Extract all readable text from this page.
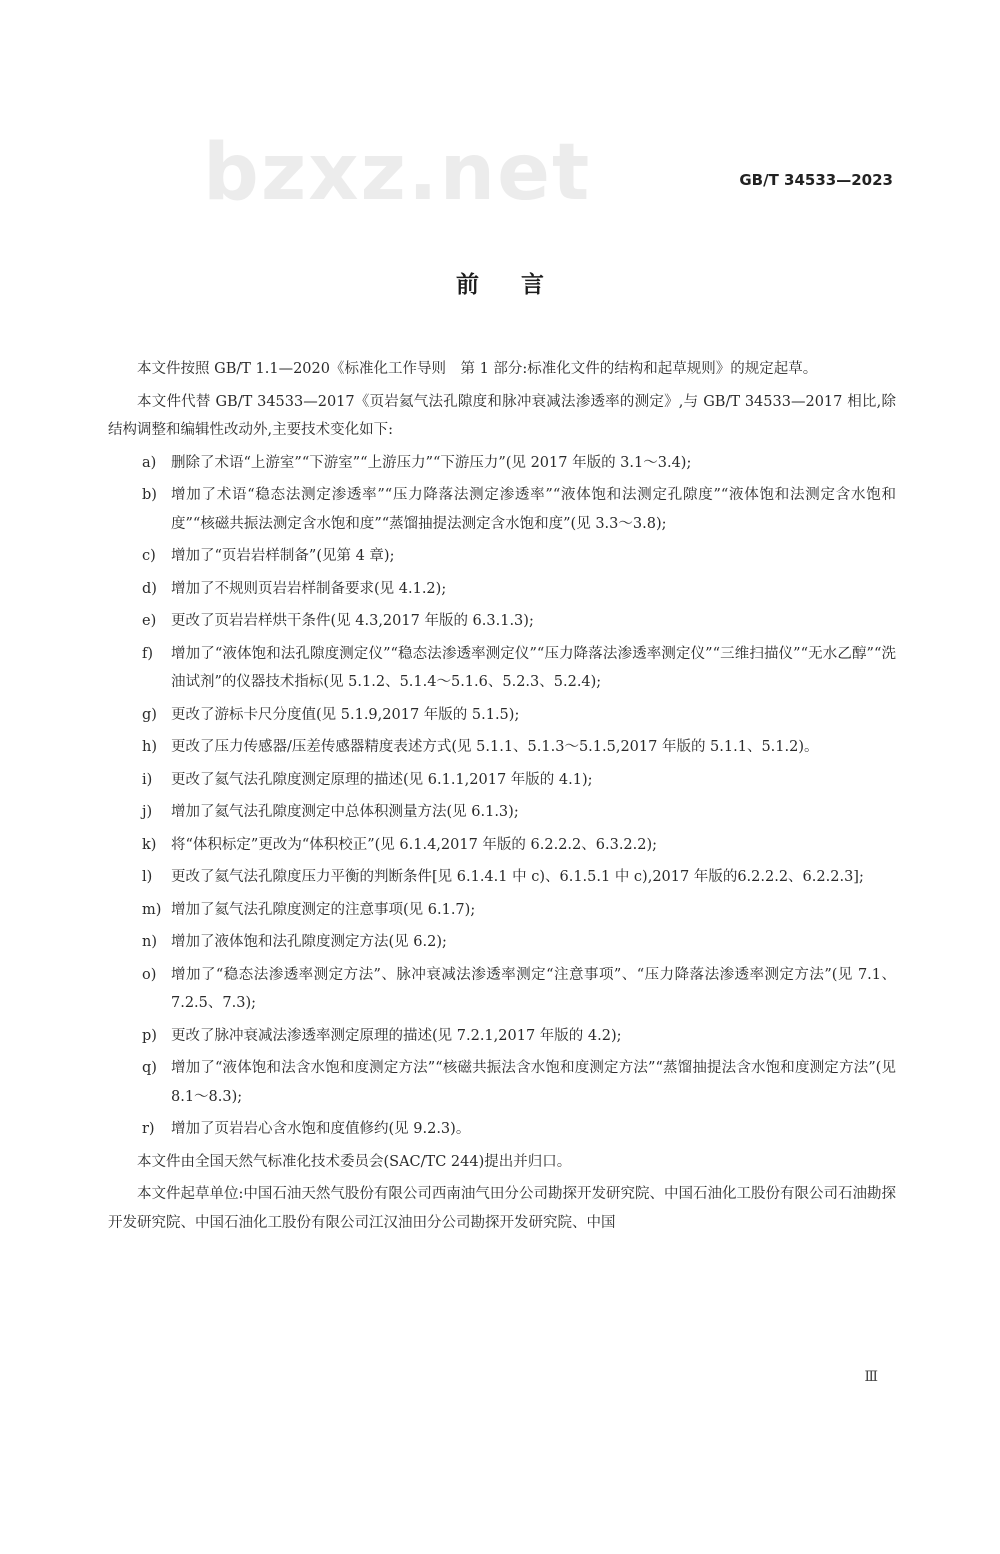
bzxz.net	GB/T 34533—2023
前言

本文件按照 GB/T 1.1—2020《标准化工作导则　第 1 部分:标准化文件的结构和起草规则》的规定起草。

本文件代替 GB/T 34533—2017《页岩氦气法孔隙度和脉冲衰减法渗透率的测定》,与 GB/T 34533—2017 相比,除结构调整和编辑性改动外,主要技术变化如下:

a)	删除了术语“上游室”“下游室”“上游压力”“下游压力”(见 2017 年版的 3.1～3.4);
b) 增加了术语“稳态法测定渗透率”“压力降落法测定渗透率”“液体饱和法测定孔隙度”“液体饱和法测定含水饱和度”“核磁共振法测定含水饱和度”“蒸馏抽提法测定含水饱和度”(见 3.3～3.8);
c)	增加了“页岩岩样制备”(见第 4 章);
d) 增加了不规则页岩岩样制备要求(见 4.1.2);
e)	更改了页岩岩样烘干条件(见 4.3,2017 年版的 6.3.1.3);
f)	增加了“液体饱和法孔隙度测定仪”“稳态法渗透率测定仪”“压力降落法渗透率测定仪”“三维扫描仪”“无水乙醇”“洗油试剂”的仪器技术指标(见 5.1.2、5.1.4～5.1.6、5.2.3、5.2.4);
g) 更改了游标卡尺分度值(见 5.1.9,2017 年版的 5.1.5);
h) 更改了压力传感器/压差传感器精度表述方式(见 5.1.1、5.1.3～5.1.5,2017 年版的 5.1.1、5.1.2)。
i)	更改了氦气法孔隙度测定原理的描述(见 6.1.1,2017 年版的 4.1);
j)	增加了氦气法孔隙度测定中总体积测量方法(见 6.1.3);
k)	将“体积标定”更改为“体积校正”(见 6.1.4,2017 年版的 6.2.2.2、6.3.2.2);
l)	更改了氦气法孔隙度压力平衡的判断条件[见 6.1.4.1 中 c)、6.1.5.1 中 c),2017 年版的6.2.2.2、6.2.2.3];
m) 增加了氦气法孔隙度测定的注意事项(见 6.1.7);
n) 增加了液体饱和法孔隙度测定方法(见 6.2);
o)	增加了“稳态法渗透率测定方法”、脉冲衰减法渗透率测定“注意事项”、“压力降落法渗透率测定方法”(见 7.1、7.2.5、7.3);
p) 更改了脉冲衰减法渗透率测定原理的描述(见 7.2.1,2017 年版的 4.2);
q) 增加了“液体饱和法含水饱和度测定方法”“核磁共振法含水饱和度测定方法”“蒸馏抽提法含水饱和度测定方法”(见 8.1～8.3);
r)	增加了页岩岩心含水饱和度值修约(见 9.2.3)。

本文件由全国天然气标准化技术委员会(SAC/TC 244)提出并归口。

本文件起草单位:中国石油天然气股份有限公司西南油气田分公司勘探开发研究院、中国石油化工股份有限公司石油勘探开发研究院、中国石油化工股份有限公司江汉油田分公司勘探开发研究院、中国

Ⅲ
